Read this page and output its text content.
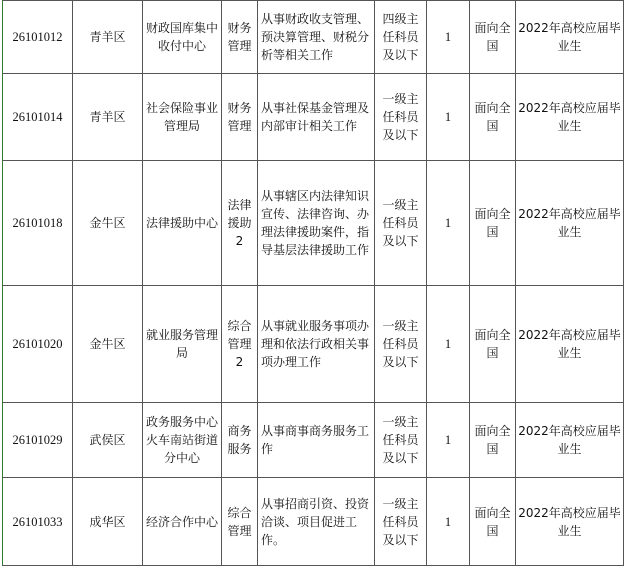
26101012	青羊区	财政国库集中收付中心	财务管理	从事财政收支管理、预决算管理、财税分析等相关工作	四级主任科员及以下	1	面向全国	2022年高校应届毕业生
26101014	青羊区	社会保险事业管理局	财务管理	从事社保基金管理及内部审计相关工作	一级主任科员及以下	1	面向全国	2022年高校应届毕业生
26101018	金牛区	法律援助中心	法律援助2	从事辖区内法律知识宣传、法律咨询、办理法律援助案件，指导基层法律援助工作	一级主任科员及以下	1	面向全国	2022年高校应届毕业生
26101020	金牛区	就业服务管理局	综合管理2	从事就业服务事项办理和依法行政相关事项办理工作	一级主任科员及以下	1	面向全国	2022年高校应届毕业生
26101029	武侯区	政务服务中心火车南站街道分中心	商务服务	从事商事商务服务工作	一级主任科员及以下	1	面向全国	2022年高校应届毕业生
26101033	成华区	经济合作中心	综合管理	从事招商引资、投资洽谈、项目促进工作。	一级主任科员及以下	1	面向全国	2022年高校应届毕业生
